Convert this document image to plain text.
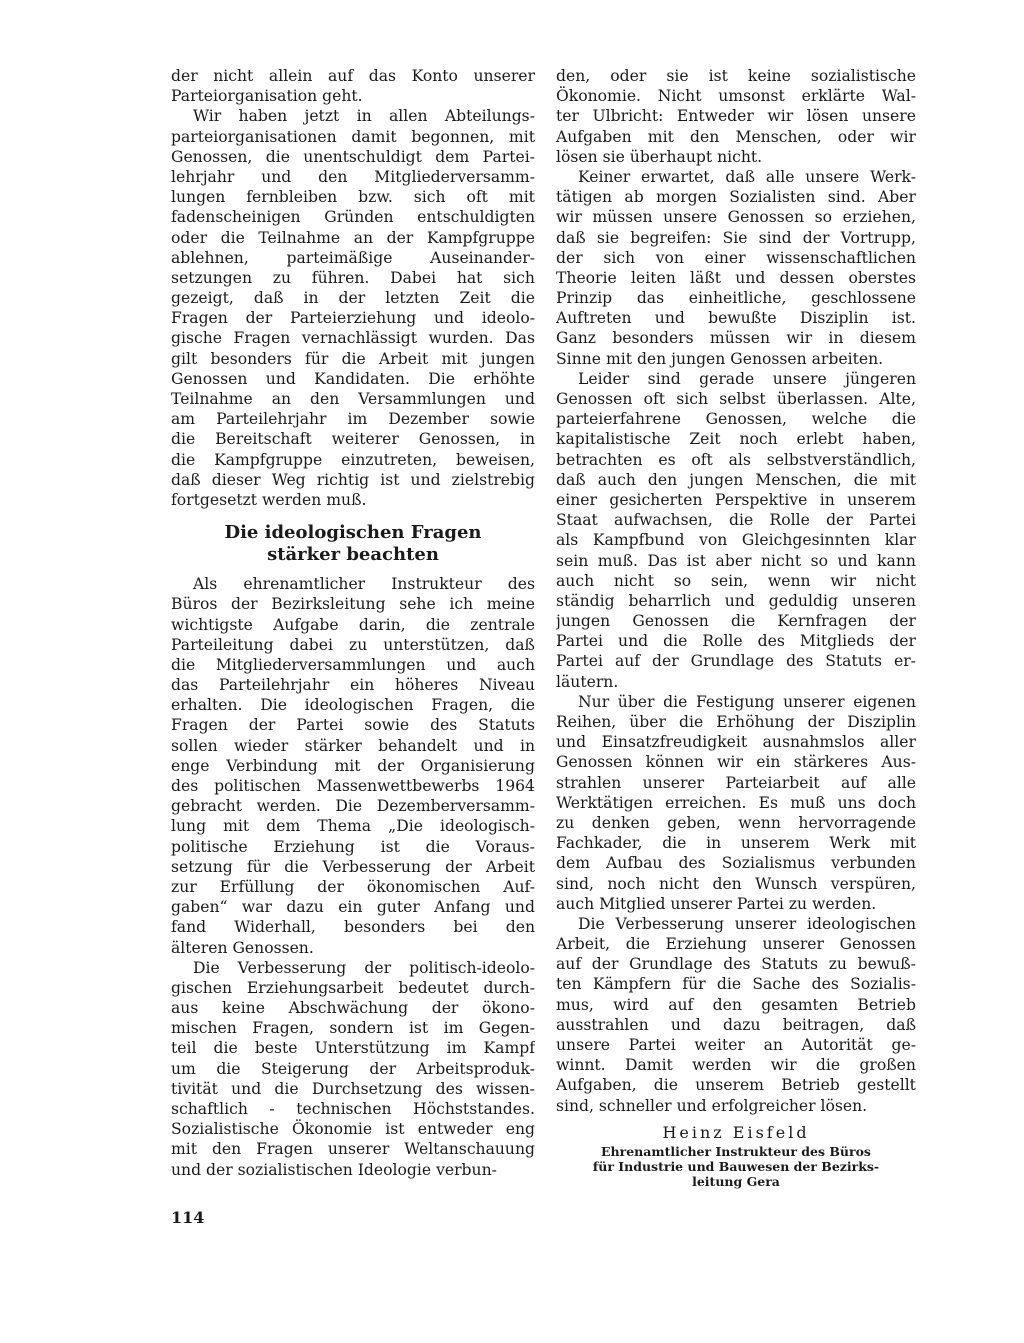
der nicht allein auf das Konto unserer
Parteiorganisation geht.
Wir haben jetzt in allen Abteilungs-
parteiorganisationen damit begonnen, mit
Genossen, die unentschuldigt dem Partei-
lehrjahr und den Mitgliederversamm-
lungen fernbleiben bzw. sich oft mit
fadenscheinigen Gründen entschuldigten
oder die Teilnahme an der Kampfgruppe
ablehnen, parteimäßige Auseinander-
setzungen zu führen. Dabei hat sich
gezeigt, daß in der letzten Zeit die
Fragen der Parteierziehung und ideolo-
gische Fragen vernachlässigt wurden. Das
gilt besonders für die Arbeit mit jungen
Genossen und Kandidaten. Die erhöhte
Teilnahme an den Versammlungen und
am Parteilehrjahr im Dezember sowie
die Bereitschaft weiterer Genossen, in
die Kampfgruppe einzutreten, beweisen,
daß dieser Weg richtig ist und zielstrebig
fortgesetzt werden muß.
Die ideologischen Fragen
stärker beachten
Als ehrenamtlicher Instrukteur des
Büros der Bezirksleitung sehe ich meine
wichtigste Aufgabe darin, die zentrale
Parteileitung dabei zu unterstützen, daß
die Mitgliederversammlungen und auch
das Parteilehrjahr ein höheres Niveau
erhalten. Die ideologischen Fragen, die
Fragen der Partei sowie des Statuts
sollen wieder stärker behandelt und in
enge Verbindung mit der Organisierung
des politischen Massenwettbewerbs 1964
gebracht werden. Die Dezemberversamm-
lung mit dem Thema „Die ideologisch-
politische Erziehung ist die Voraus-
setzung für die Verbesserung der Arbeit
zur Erfüllung der ökonomischen Auf-
gaben“ war dazu ein guter Anfang und
fand Widerhall, besonders bei den
älteren Genossen.
Die Verbesserung der politisch-ideolo-
gischen Erziehungsarbeit bedeutet durch-
aus keine Abschwächung der ökono-
mischen Fragen, sondern ist im Gegen-
teil die beste Unterstützung im Kampf
um die Steigerung der Arbeitsproduk-
tivität und die Durchsetzung des wissen-
schaftlich - technischen Höchststandes.
Sozialistische Ökonomie ist entweder eng
mit den Fragen unserer Weltanschauung
und der sozialistischen Ideologie verbun-
den, oder sie ist keine sozialistische
Ökonomie. Nicht umsonst erklärte Wal-
ter Ulbricht: Entweder wir lösen unsere
Aufgaben mit den Menschen, oder wir
lösen sie überhaupt nicht.
Keiner erwartet, daß alle unsere Werk-
tätigen ab morgen Sozialisten sind. Aber
wir müssen unsere Genossen so erziehen,
daß sie begreifen: Sie sind der Vortrupp,
der sich von einer wissenschaftlichen
Theorie leiten läßt und dessen oberstes
Prinzip das einheitliche, geschlossene
Auftreten und bewußte Disziplin ist.
Ganz besonders müssen wir in diesem
Sinne mit den jungen Genossen arbeiten.
Leider sind gerade unsere jüngeren
Genossen oft sich selbst überlassen. Alte,
parteierfahrene Genossen, welche die
kapitalistische Zeit noch erlebt haben,
betrachten es oft als selbstverständlich,
daß auch den jungen Menschen, die mit
einer gesicherten Perspektive in unserem
Staat aufwachsen, die Rolle der Partei
als Kampfbund von Gleichgesinnten klar
sein muß. Das ist aber nicht so und kann
auch nicht so sein, wenn wir nicht
ständig beharrlich und geduldig unseren
jungen Genossen die Kernfragen der
Partei und die Rolle des Mitglieds der
Partei auf der Grundlage des Statuts er-
läutern.
Nur über die Festigung unserer eigenen
Reihen, über die Erhöhung der Disziplin
und Einsatzfreudigkeit ausnahmslos aller
Genossen können wir ein stärkeres Aus-
strahlen unserer Parteiarbeit auf alle
Werktätigen erreichen. Es muß uns doch
zu denken geben, wenn hervorragende
Fachkader, die in unserem Werk mit
dem Aufbau des Sozialismus verbunden
sind, noch nicht den Wunsch verspüren,
auch Mitglied unserer Partei zu werden.
Die Verbesserung unserer ideologischen
Arbeit, die Erziehung unserer Genossen
auf der Grundlage des Statuts zu bewuß-
ten Kämpfern für die Sache des Sozialis-
mus, wird auf den gesamten Betrieb
ausstrahlen und dazu beitragen, daß
unsere Partei weiter an Autorität ge-
winnt. Damit werden wir die großen
Aufgaben, die unserem Betrieb gestellt
sind, schneller und erfolgreicher lösen.
Heinz Eisfeld
Ehrenamtlicher Instrukteur des Büros
für Industrie und Bauwesen der Bezirks-
leitung Gera
114
